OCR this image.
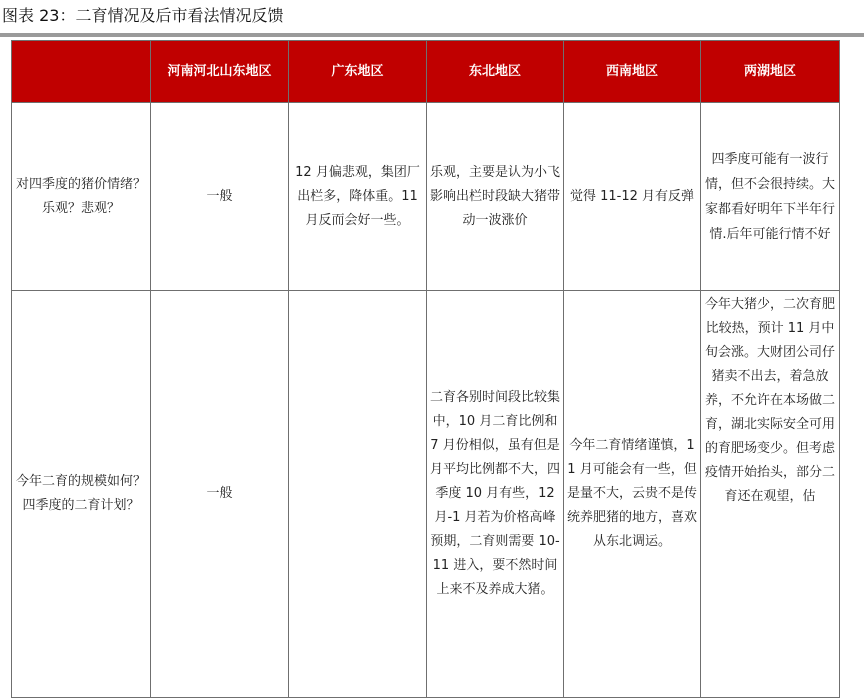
图表 23：二育情况及后市看法情况反馈

	河南河北山东地区	广东地区	东北地区	西南地区	两湖地区

对四季度的猪价情绪？乐观？悲观？	一般	12 月偏悲观，集团厂出栏多，降体重。11 月反而会好一些。	乐观，主要是认为小飞影响出栏时段缺大猪带动一波涨价	觉得 11-12 月有反弹	四季度可能有一波行情，但不会很持续。大家都看好明年下半年行情.后年可能行情不好

今年二育的规模如何？四季度的二育计划？	一般		二育各别时间段比较集中，10 月二育比例和 7 月份相似，虽有但是月平均比例都不大，四季度 10 月有些，12 月-1 月若为价格高峰预期，二育则需要 10-11 进入，要不然时间上来不及养成大猪。	今年二育情绪谨慎，11 月可能会有一些，但是量不大，云贵不是传统养肥猪的地方，喜欢从东北调运。	今年大猪少，二次育肥比较热，预计 11 月中旬会涨。大财团公司仔猪卖不出去，着急放养，不允许在本场做二育，湖北实际安全可用的育肥场变少。但考虑疫情开始抬头，部分二育还在观望，估
